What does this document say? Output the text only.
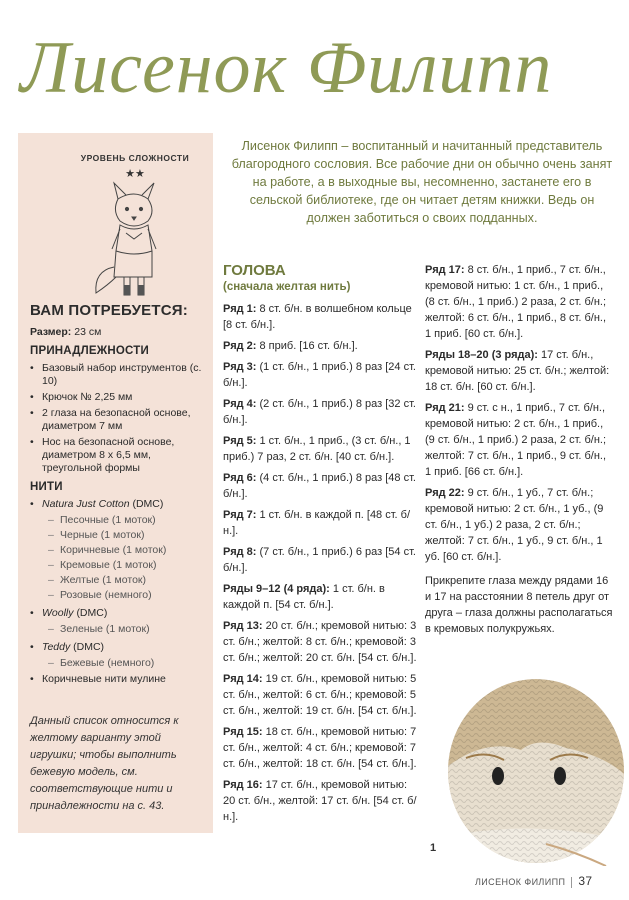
Лисенок Филипп
УРОВЕНЬ СЛОЖНОСТИ
★★
ВАМ ПОТРЕБУЕТСЯ:
Размер: 23 см
ПРИНАДЛЕЖНОСТИ
• Базовый набор инструментов (с. 10)
• Крючок № 2,25 мм
• 2 глаза на безопасной основе, диаметром 7 мм
• Нос на безопасной основе, диаметром 8 х 6,5 мм, треугольной формы
НИТИ
• Natura Just Cotton (DMC)
– Песочные (1 моток)
– Черные (1 моток)
– Коричневые (1 моток)
– Кремовые (1 моток)
– Желтые (1 моток)
– Розовые (немного)
• Woolly (DMC)
– Зеленые (1 моток)
• Teddy (DMC)
– Бежевые (немного)
• Коричневые нити мулине
Данный список относится к желтому варианту этой игрушки; чтобы выполнить бежевую модель, см. соответствующие нити и принадлежности на с. 43.
Лисенок Филипп – воспитанный и начитанный представитель благородного сословия. Все рабочие дни он обычно очень занят на работе, а в выходные вы, несомненно, застанете его в сельской библиотеке, где он читает детям книжки. Ведь он должен заботиться о своих подданных.
ГОЛОВА
(сначала желтая нить)
Ряд 1: 8 ст. б/н. в волшебном кольце [8 ст. б/н.].
Ряд 2: 8 приб. [16 ст. б/н.].
Ряд 3: (1 ст. б/н., 1 приб.) 8 раз [24 ст. б/н.].
Ряд 4: (2 ст. б/н., 1 приб.) 8 раз [32 ст. б/н.].
Ряд 5: 1 ст. б/н., 1 приб., (3 ст. б/н., 1 приб.) 7 раз, 2 ст. б/н. [40 ст. б/н.].
Ряд 6: (4 ст. б/н., 1 приб.) 8 раз [48 ст. б/н.].
Ряд 7: 1 ст. б/н. в каждой п. [48 ст. б/н.].
Ряд 8: (7 ст. б/н., 1 приб.) 6 раз [54 ст. б/н.].
Ряды 9–12 (4 ряда): 1 ст. б/н. в каждой п. [54 ст. б/н.].
Ряд 13: 20 ст. б/н.; кремовой нитью: 3 ст. б/н.; желтой: 8 ст. б/н.; кремовой: 3 ст. б/н.; желтой: 20 ст. б/н. [54 ст. б/н.].
Ряд 14: 19 ст. б/н., кремовой нитью: 5 ст. б/н., желтой: 6 ст. б/н.; кремовой: 5 ст. б/н., желтой: 19 ст. б/н. [54 ст. б/н.].
Ряд 15: 18 ст. б/н., кремовой нитью: 7 ст. б/н., желтой: 4 ст. б/н.; кремовой: 7 ст. б/н., желтой: 18 ст. б/н. [54 ст. б/н.].
Ряд 16: 17 ст. б/н., кремовой нитью: 20 ст. б/н., желтой: 17 ст. б/н. [54 ст. б/н.].
Ряд 17: 8 ст. б/н., 1 приб., 7 ст. б/н., кремовой нитью: 1 ст. б/н., 1 приб., (8 ст. б/н., 1 приб.) 2 раза, 2 ст. б/н.; желтой: 6 ст. б/н., 1 приб., 8 ст. б/н., 1 приб. [60 ст. б/н.].
Ряды 18–20 (3 ряда): 17 ст. б/н., кремовой нитью: 25 ст. б/н.; желтой: 18 ст. б/н. [60 ст. б/н.].
Ряд 21: 9 ст. с н., 1 приб., 7 ст. б/н., кремовой нитью: 2 ст. б/н., 1 приб., (9 ст. б/н., 1 приб.) 2 раза, 2 ст. б/н.; желтой: 7 ст. б/н., 1 приб., 9 ст. б/н., 1 приб. [66 ст. б/н.].
Ряд 22: 9 ст. б/н., 1 уб., 7 ст. б/н.; кремовой нитью: 2 ст. б/н., 1 уб., (9 ст. б/н., 1 уб.) 2 раза, 2 ст. б/н.; желтой: 7 ст. б/н., 1 уб., 9 ст. б/н., 1 уб. [60 ст. б/н.].
Прикрепите глаза между рядами 16 и 17 на расстоянии 8 петель друг от друга – глаза должны располагаться в кремовых полукружьях.
1
ЛИСЕНОК ФИЛИПП 37
